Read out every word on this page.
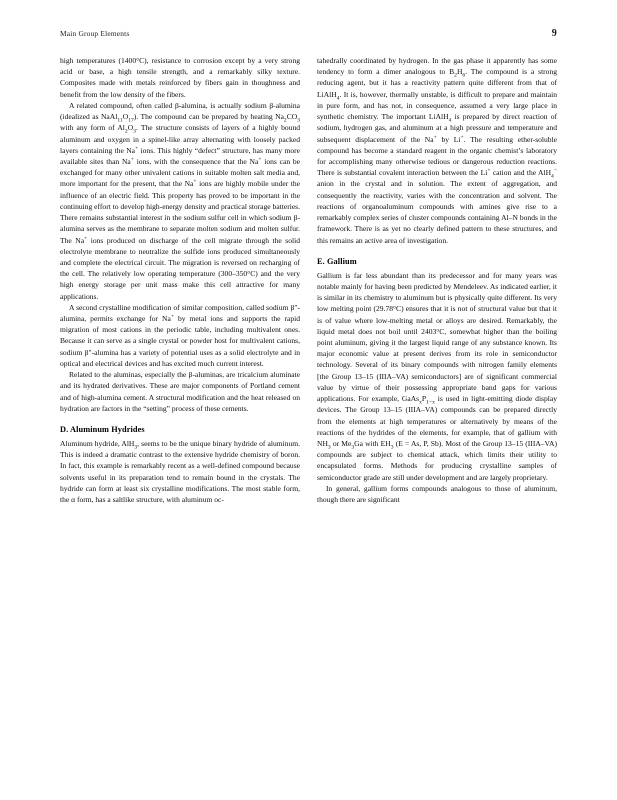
Main Group Elements	9

high temperatures (1400°C), resistance to corrosion except by a very strong acid or base, a high tensile strength, and a remarkably silky texture. Composites made with metals reinforced by fibers gain in thoughness and benefit from the low density of the fibers.

A related compound, often called β-alumina, is actually sodium β-alumina (idealized as $NaAl_{11}O_{17}$). The compound can be prepared by heating $Na_2CO_3$ with any form of $Al_2O_3$. The structure consists of layers of a highly bound aluminum and oxygen in a spinel-like array alternating with loosely packed layers containing the Na+ ions. This highly “defect” structure, has many more available sites than Na+ ions, with the consequence that the Na+ ions can be exchanged for many other univalent cations in suitable molten salt media and, more important for the present, that the Na+ ions are highly mobile under the influence of an electric field. This property has proved to be important in the continuing effort to develop high-energy density and practical storage batteries. There remains substantial interest in the sodium sulfur cell in which sodium β-alumina serves as the membrane to separate molten sodium and molten sulfur. The Na+ ions produced on discharge of the cell migrate through the solid electrolyte membrane to neutralize the sulfide ions produced simultaneously and complete the electrical circuit. The migration is reversed on recharging of the cell. The relatively low operating temperature (300–350°C) and the very high energy storage per unit mass make this cell attractive for many applications.

A second crystalline modification of similar composition, called sodium β″-alumina, permits exchange for Na+ by metal ions and supports the rapid migration of most cations in the periodic table, including multivalent ones. Because it can serve as a single crystal or powder host for multivalent cations, sodium β″-alumina has a variety of potential uses as a solid electrolyte and in optical and electrical devices and has excited much current interest.

Related to the aluminas, especially the β-aluminas, are tricalcium aluminate and its hydrated derivatives. These are major components of Portland cement and of high-alumina cement. A structural modification and the heat released on hydration are factors in the “setting” process of these cements.

D. Aluminum Hydrides

Aluminum hydride, AlH$_3$, seems to be the unique binary hydride of aluminum. This is indeed a dramatic contrast to the extensive hydride chemistry of boron. In fact, this example is remarkably recent as a well-defined compound because solvents useful in its preparation tend to remain bound in the crystals. The hydride can form at least six crystalline modifications. The most stable form, the α form, has a saltlike structure, with aluminum oc-

tahedrally coordinated by hydrogen. In the gas phase it apparently has some tendency to form a dimer analogous to $B_2H_6$. The compound is a strong reducing agent, but it has a reactivity pattern quite different from that of LiAlH$_4$. It is, however, thermally unstable, is difficult to prepare and maintain in pure form, and has not, in consequence, assumed a very large place in synthetic chemistry. The important LiAlH$_4$ is prepared by direct reaction of sodium, hydrogen gas, and aluminum at a high pressure and temperature and subsequent displacement of the Na+ by Li+. The resulting ether-soluble compound has become a standard reagent in the organic chemist’s laboratory for accomplishing many otherwise tedious or dangerous reduction reactions. There is substantial covalent interaction between the Li+ cation and the AlH$_4$− anion in the crystal and in solution. The extent of aggregation, and consequently the reactivity, varies with the concentration and solvent. The reactions of organoaluminum compounds with amines give rise to a remarkably complex series of cluster compounds containing Al–N bonds in the framework. There is as yet no clearly defined pattern to these structures, and this remains an active area of investigation.

E. Gallium

Gallium is far less abundant than its predecessor and for many years was notable mainly for having been predicted by Mendeleev. As indicated earlier, it is similar in its chemistry to aluminum but is physically quite different. Its very low melting point (29.78°C) ensures that it is not of structural value but that it is of value where low-melting metal or alloys are desired. Remarkably, the liquid metal does not boil until 2403°C, somewhat higher than the boiling point aluminum, giving it the largest liquid range of any substance known. Its major economic value at present derives from its role in semiconductor technology. Several of its binary compounds with nitrogen family elements [the Group 13–15 (IIIA–VA) semiconductors] are of significant commercial value by virtue of their possessing appropriate band gaps for various applications. For example, $GaAs_xP_{1-x}$ is used in light-emitting diode display devices. The Group 13–15 (IIIA–VA) compounds can be prepared directly from the elements at high temperatures or alternatively by means of the reactions of the hydrides of the elements, for example, that of gallium with $NH_3$ or $Me_3Ga$ with $EH_3$ (E = As, P, Sb). Most of the Group 13–15 (IIIA–VA) compounds are subject to chemical attack, which limits their utility to encapsulated forms. Methods for producing crystalline samples of semiconductor grade are still under development and are largely proprietary.

In general, gallium forms compounds analogous to those of aluminum, though there are significant
